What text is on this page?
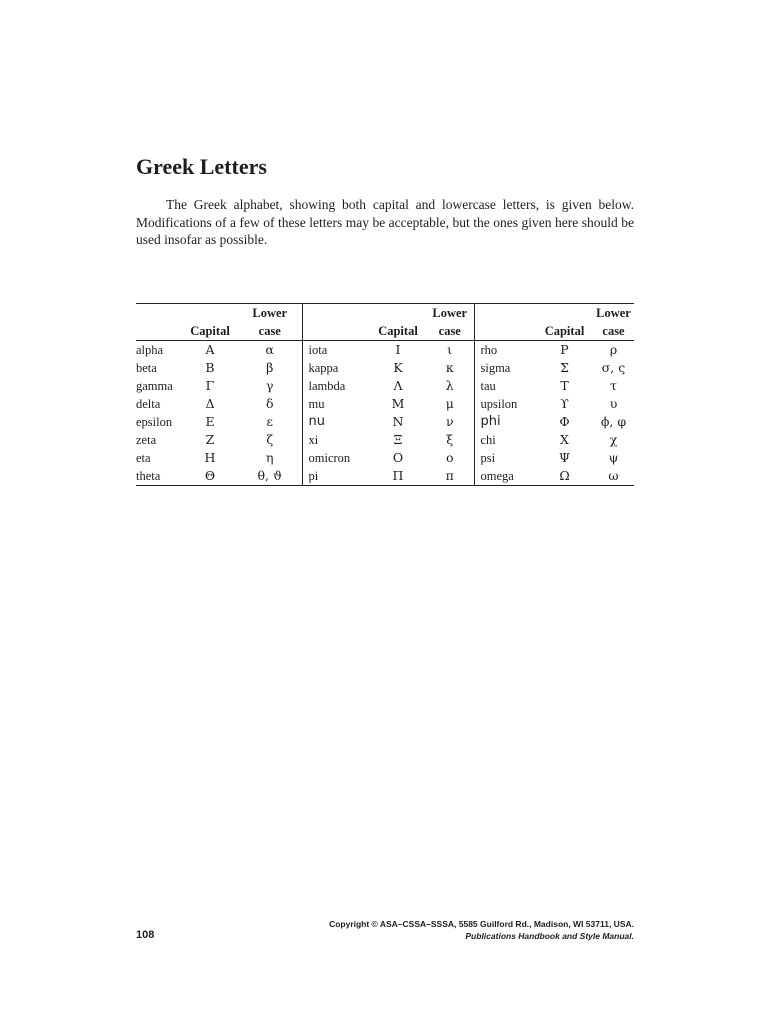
Greek Letters

The Greek alphabet, showing both capital and lowercase letters, is given below. Modifications of a few of these letters may be acceptable, but the ones given here should be used insofar as possible.

		Lower			Lower			Lower
	Capital	case		Capital	case		Capital	case
alpha	Α	α	iota	Ι	ι	rho	Ρ	ρ
beta	Β	β	kappa	Κ	κ	sigma	Σ	σ, ς
gamma	Γ	γ	lambda	Λ	λ	tau	Τ	τ
delta	Δ	δ	mu	Μ	μ	upsilon	ϒ	υ
epsilon	Ε	ε	nu	Ν	ν	phi	Φ	ϕ, φ
zeta	Ζ	ζ	xi	Ξ	ξ	chi	Χ	χ
eta	Η	η	omicron	Ο	ο	psi	Ψ	ψ
theta	Θ	θ, ϑ	pi	Π	π	omega	Ω	ω
108
Copyright © ASA–CSSA–SSSA, 5585 Guilford Rd., Madison, WI 53711, USA.
Publications Handbook and Style Manual.
